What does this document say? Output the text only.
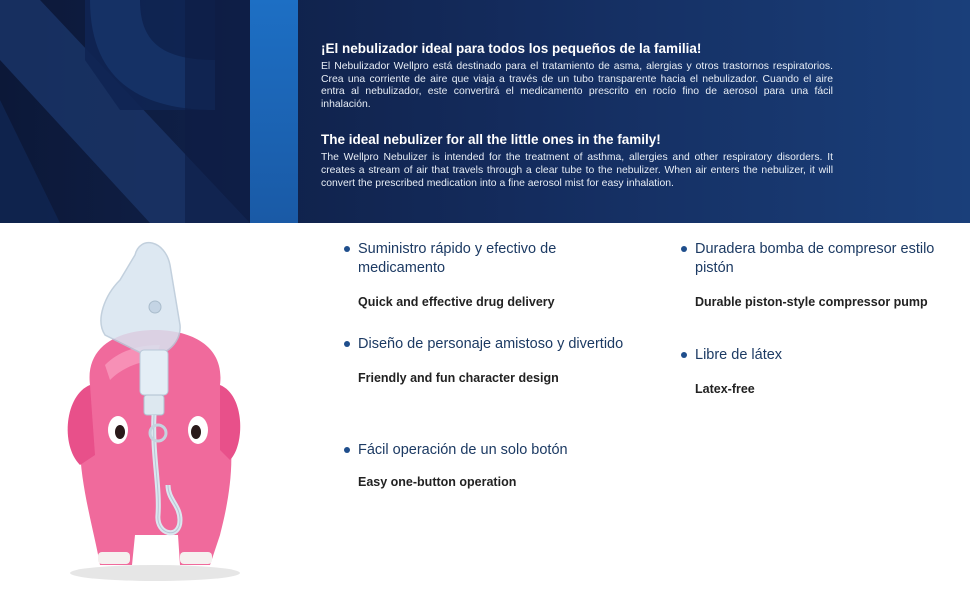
¡El nebulizador ideal para todos los pequeños de la familia!

El Nebulizador Wellpro está destinado para el tratamiento de asma, alergias y otros trastornos respiratorios. Crea una corriente de aire que viaja a través de un tubo transparente hacia el nebulizador. Cuando el aire entra al nebulizador, este convertirá el medicamento prescrito en rocío fino de aerosol para una fácil inhalación.

The ideal nebulizer for all the little ones in the family!

The Wellpro Nebulizer is intended for the treatment of asthma, allergies and other respiratory disorders. It creates a stream of air that travels through a clear tube to the nebulizer. When air enters the nebulizer, it will convert the prescribed medication into a fine aerosol mist for easy inhalation.

Suministro rápido y efectivo de medicamento
Quick and effective drug delivery
Diseño de personaje amistoso y divertido
Friendly and fun character design
Fácil operación de un solo botón
Easy one-button operation
Duradera bomba de compresor estilo pistón
Durable piston-style compressor pump
Libre de látex
Latex-free
